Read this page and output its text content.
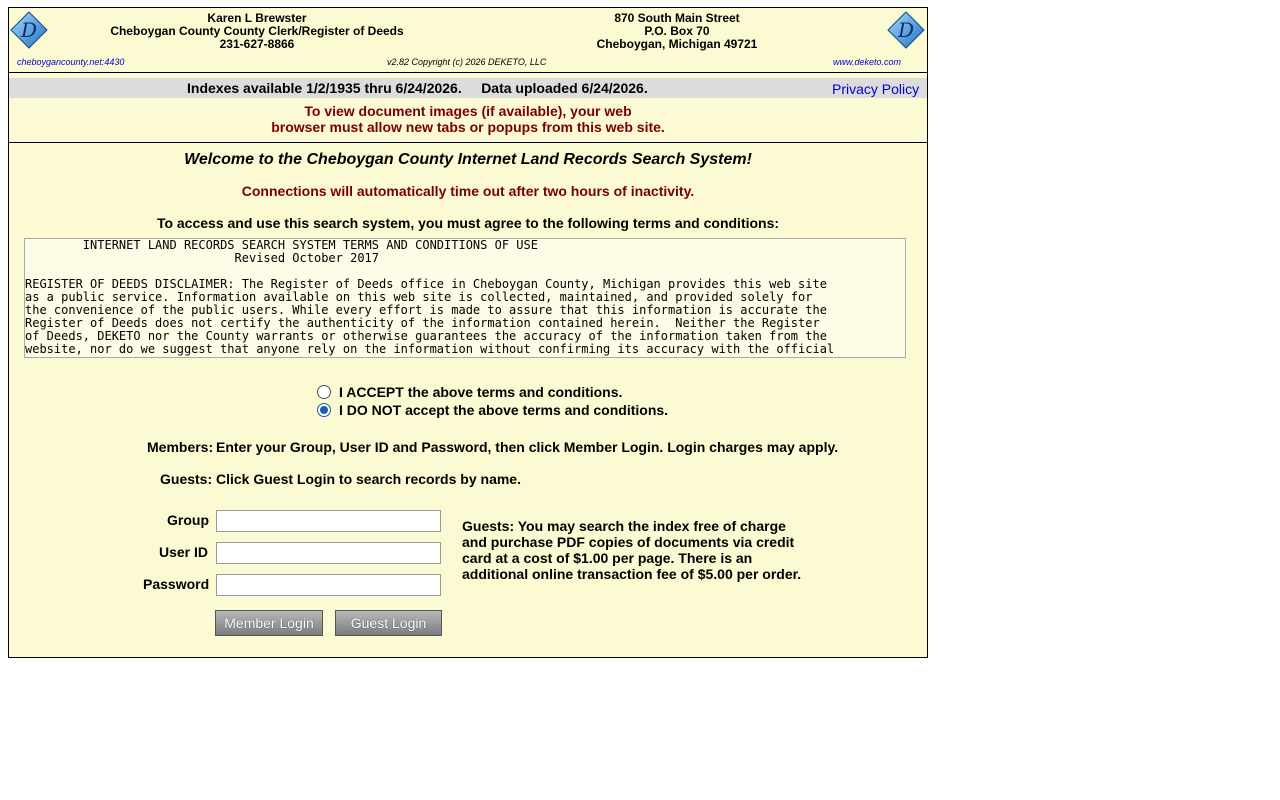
D	Karen L Brewster
Cheboygan County County Clerk/Register of Deeds
231-627-8866
870 South Main Street
P.O. Box 70
Cheboygan, Michigan 49721
D
cheboygancounty.net:4430	v2.82 Copyright (c) 2026 DEKETO, LLC	www.deketo.com
Indexes available 1/2/1935 thru 6/24/2026. Data uploaded 6/24/2026.	Privacy Policy
To view document images (if available), your web
browser must allow new tabs or popups from this web site.
Welcome to the Cheboygan County Internet Land Records Search System!
Connections will automatically time out after two hours of inactivity.
To access and use this search system, you must agree to the following terms and conditions:
INTERNET LAND RECORDS SEARCH SYSTEM TERMS AND CONDITIONS OF USE
Revised October 2017

REGISTER OF DEEDS DISCLAIMER: The Register of Deeds office in Cheboygan County, Michigan provides this web site
as a public service. Information available on this web site is collected, maintained, and provided solely for
the convenience of the public users. While every effort is made to assure that this information is accurate the
Register of Deeds does not certify the authenticity of the information contained herein.  Neither the Register
of Deeds, DEKETO nor the County warrants or otherwise guarantees the accuracy of the information taken from the
website, nor do we suggest that anyone rely on the information without confirming its accuracy with the official
I ACCEPT the above terms and conditions.
I DO NOT accept the above terms and conditions.
Members: Enter your Group, User ID and Password, then click Member Login. Login charges may apply.
Guests: Click Guest Login to search records by name.
Group
User ID
Password
Guests: You may search the index free of charge and purchase PDF copies of documents via credit card at a cost of $1.00 per page. There is an additional online transaction fee of $5.00 per order.
Member Login	Guest Login
